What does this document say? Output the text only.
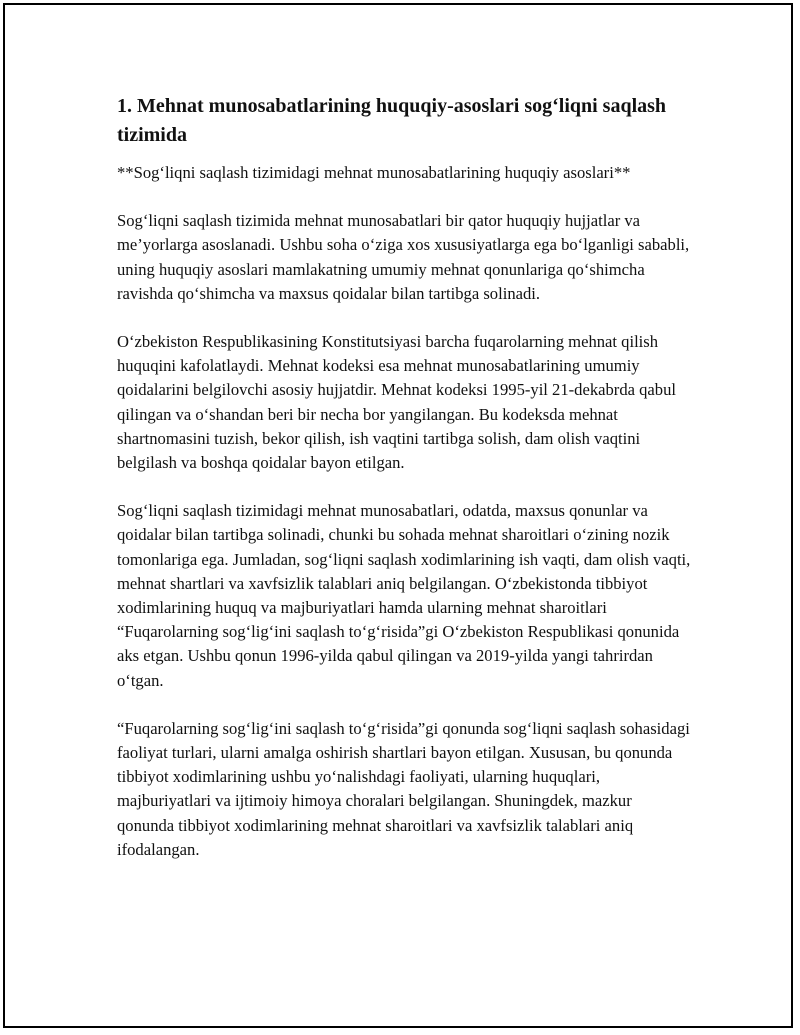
1. Mehnat munosabatlarining huquqiy-asoslari sog‘liqni saqlash tizimida
**Sog‘liqni saqlash tizimidagi mehnat munosabatlarining huquqiy asoslari**
Sog‘liqni saqlash tizimida mehnat munosabatlari bir qator huquqiy hujjatlar va me’yorlarga asoslanadi. Ushbu soha o‘ziga xos xususiyatlarga ega bo‘lganligi sababli, uning huquqiy asoslari mamlakatning umumiy mehnat qonunlariga qo‘shimcha ravishda qo‘shimcha va maxsus qoidalar bilan tartibga solinadi.
O‘zbekiston Respublikasining Konstitutsiyasi barcha fuqarolarning mehnat qilish huquqini kafolatlaydi. Mehnat kodeksi esa mehnat munosabatlarining umumiy qoidalarini belgilovchi asosiy hujjatdir. Mehnat kodeksi 1995-yil 21-dekabrda qabul qilingan va o‘shandan beri bir necha bor yangilangan. Bu kodeksda mehnat shartnomasini tuzish, bekor qilish, ish vaqtini tartibga solish, dam olish vaqtini belgilash va boshqa qoidalar bayon etilgan.
Sog‘liqni saqlash tizimidagi mehnat munosabatlari, odatda, maxsus qonunlar va qoidalar bilan tartibga solinadi, chunki bu sohada mehnat sharoitlari o‘zining nozik tomonlariga ega. Jumladan, sog‘liqni saqlash xodimlarining ish vaqti, dam olish vaqti, mehnat shartlari va xavfsizlik talablari aniq belgilangan. O‘zbekistonda tibbiyot xodimlarining huquq va majburiyatlari hamda ularning mehnat sharoitlari “Fuqarolarning sog‘lig‘ini saqlash to‘g‘risida”gi O‘zbekiston Respublikasi qonunida aks etgan. Ushbu qonun 1996-yilda qabul qilingan va 2019-yilda yangi tahrirdan o‘tgan.
“Fuqarolarning sog‘lig‘ini saqlash to‘g‘risida”gi qonunda sog‘liqni saqlash sohasidagi faoliyat turlari, ularni amalga oshirish shartlari bayon etilgan. Xususan, bu qonunda tibbiyot xodimlarining ushbu yo‘nalishdagi faoliyati, ularning huquqlari, majburiyatlari va ijtimoiy himoya choralari belgilangan. Shuningdek, mazkur qonunda tibbiyot xodimlarining mehnat sharoitlari va xavfsizlik talablari aniq ifodalangan.
